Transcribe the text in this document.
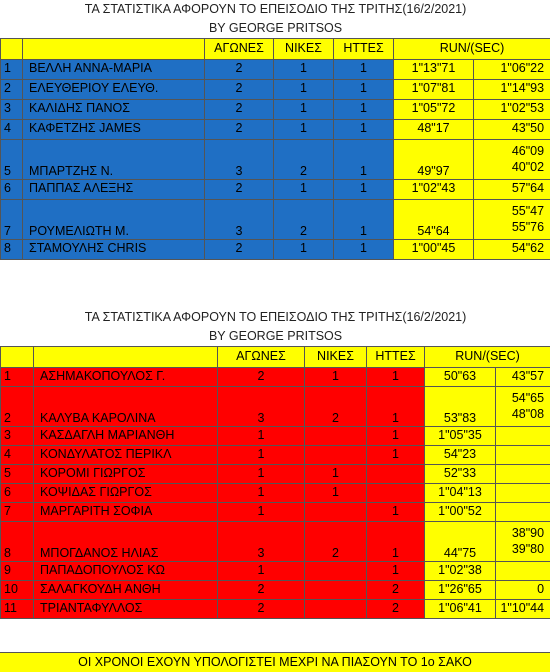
ΤΑ ΣΤΑΤΙΣΤΙΚΑ ΑΦΟΡΟΥΝ ΤΟ ΕΠΕΙΣΟΔΙΟ ΤΗΣ ΤΡΙΤΗΣ(16/2/2021)						
BY GEORGE PRITSOS						
		ΑΓΩΝΕΣ	ΝΙΚΕΣ	ΗΤΤΕΣ	RUN/(SEC)	
1	ΒΕΛΛΗ ΑΝΝΑ-ΜΑΡΙΑ	2	1	1	1"13"71	1"06"22
2	ΕΛΕΥΘΕΡΙΟΥ ΕΛΕΥΘ.	2	1	1	1"07"81	1"14"93
3	ΚΑΛΙΔΗΣ ΠΑΝΟΣ	2	1	1	1"05"72	1"02"53
4	ΚΑΦΕΤΖΗΣ JAMES	2	1	1	48"17	43"50
5	ΜΠΑΡΤΖΗΣ Ν.	3	2	1	49"97	46"09
40"02

6	ΠΑΠΠΑΣ ΑΛΕΞΗΣ	2	1	1	1"02"43	57"64
7	ΡΟΥΜΕΛΙΩΤΗ Μ.	3	2	1	54"64	55"47
55"76

8	ΣΤΑΜΟΥΛΗΣ CHRIS	2	1	1	1"00"45	54"62
ΤΑ ΣΤΑΤΙΣΤΙΚΑ ΑΦΟΡΟΥΝ ΤΟ ΕΠΕΙΣΟΔΙΟ ΤΗΣ ΤΡΙΤΗΣ(16/2/2021)						
BY GEORGE PRITSOS						
		ΑΓΩΝΕΣ	ΝΙΚΕΣ	ΗΤΤΕΣ	RUN/(SEC)	
1	ΑΣΗΜΑΚΟΠΟΥΛΟΣ Γ.	2	1	1	50"63	43"57
2	ΚΑΛΥΒΑ ΚΑΡΟΛΙΝΑ	3	2	1	53"83	54"65
48"08

3	ΚΑΣΔΑΓΛΗ ΜΑΡΙΑΝΘΗ	1		1	1"05"35	
4	ΚΟΝΔΥΛΑΤΟΣ ΠΕΡΙΚΛ	1		1	54"23	
5	ΚΟΡΟΜΙ ΓΙΩΡΓΟΣ	1	1		52"33	
6	ΚΟΨΙΔΑΣ ΓΙΩΡΓΟΣ	1	1		1"04"13	
7	ΜΑΡΓΑΡΙΤΗ ΣΟΦΙΑ	1		1	1"00"52	
8	ΜΠΟΓΔΑΝΟΣ ΗΛΙΑΣ	3	2	1	44"75	38"90
39"80

9	ΠΑΠΑΔΟΠΟΥΛΟΣ ΚΩ	1		1	1"02"38	
10	ΣΑΛΑΓΚΟΥΔΗ ΑΝΘΗ	2		2	1"26"65	0
11	ΤΡΙΑΝΤΑΦΥΛΛΟΣ	2		2	1"06"41	1"10"44
ΟΙ ΧΡΟΝΟΙ ΕΧΟΥΝ ΥΠΟΛΟΓΙΣΤΕΙ ΜΕΧΡΙ ΝΑ ΠΙΑΣΟΥΝ ΤΟ 1ο ΣΑΚΟ
